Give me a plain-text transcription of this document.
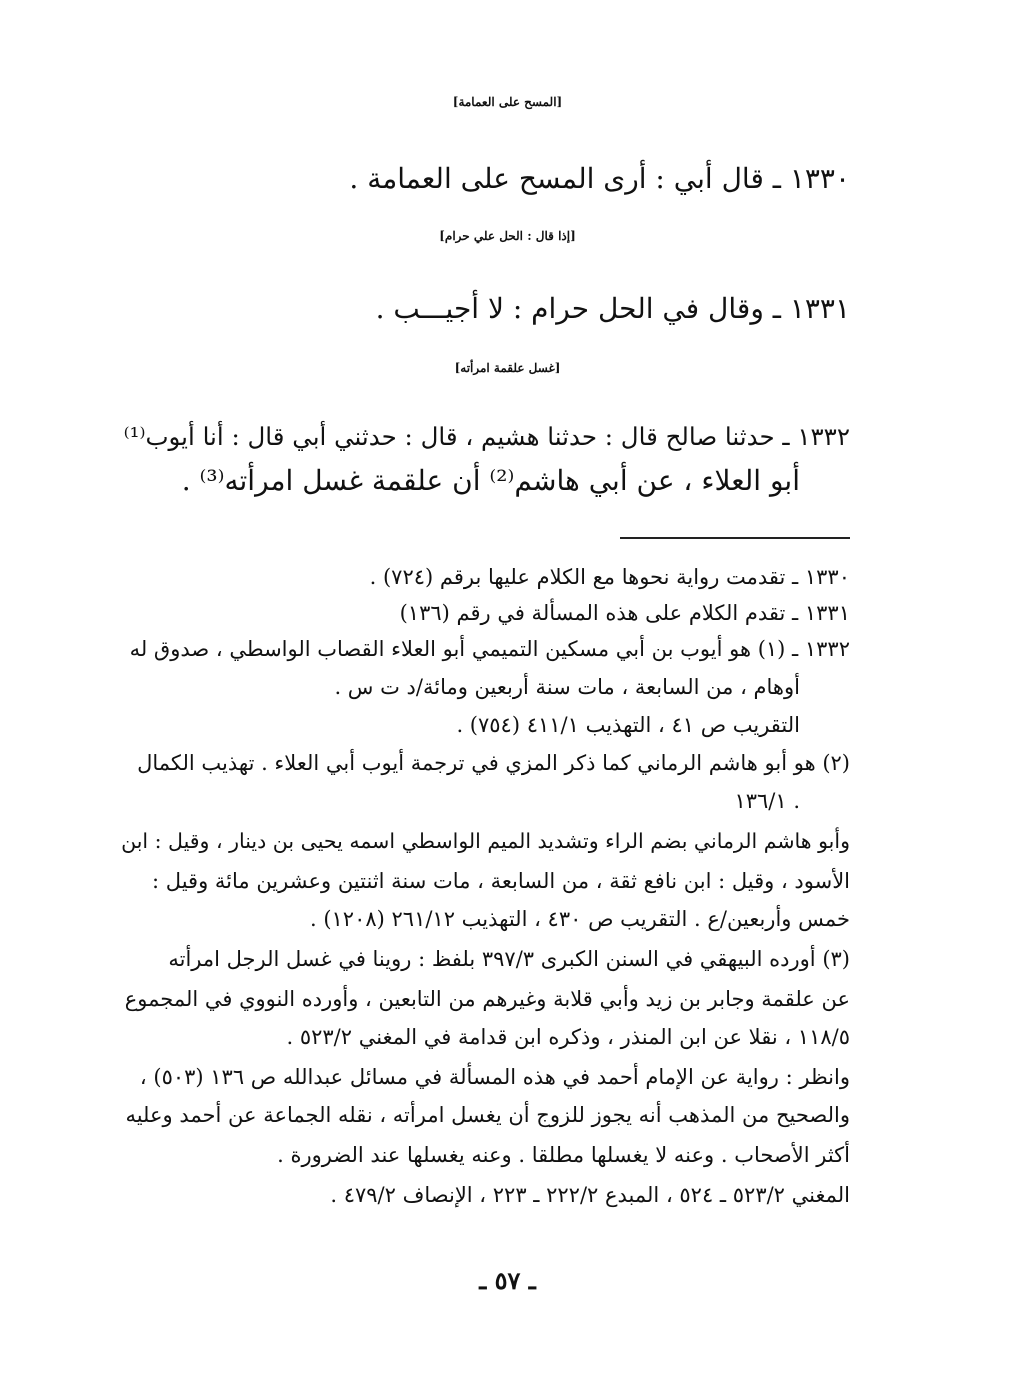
[المسح على العمامة]
١٣٣٠ ـ قال أبي : أرى المسح على العمامة .
[إذا قال : الحل علي حرام]
١٣٣١ ـ وقال في الحل حرام : لا أجيـــب .
[غسل علقمة امرأته]
١٣٣٢ ـ حدثنا صالح قال : حدثنا هشيم ، قال : حدثني أبي قال : أنا أيوب⁽¹⁾
أبو العلاء ، عن أبي هاشم⁽²⁾ أن علقمة غسل امرأته⁽³⁾ .
١٣٣٠ ـ تقدمت رواية نحوها مع الكلام عليها برقم (٧٢٤) .
١٣٣١ ـ تقدم الكلام على هذه المسألة في رقم (١٣٦)
١٣٣٢ ـ (١) هو أيوب بن أبي مسكين التميمي أبو العلاء القصاب الواسطي ، صدوق له
أوهام ، من السابعة ، مات سنة أربعين ومائة/د ت س .
التقريب ص ٤١ ، التهذيب ٤١١/١ (٧٥٤) .
(٢) هو أبو هاشم الرماني كما ذكر المزي في ترجمة أيوب أبي العلاء . تهذيب الكمال
. ١٣٦/١
وأبو هاشم الرماني بضم الراء وتشديد الميم الواسطي اسمه يحيى بن دينار ، وقيل : ابن
الأسود ، وقيل : ابن نافع ثقة ، من السابعة ، مات سنة اثنتين وعشرين مائة وقيل :
خمس وأربعين/ع . التقريب ص ٤٣٠ ، التهذيب ٢٦١/١٢ (١٢٠٨) .
(٣) أورده البيهقي في السنن الكبرى ٣٩٧/٣ بلفظ : روينا في غسل الرجل امرأته
عن علقمة وجابر بن زيد وأبي قلابة وغيرهم من التابعين ، وأورده النووي في المجموع
١١٨/٥ ، نقلا عن ابن المنذر ، وذكره ابن قدامة في المغني ٥٢٣/٢ .
وانظر : رواية عن الإمام أحمد في هذه المسألة في مسائل عبدالله ص ١٣٦ (٥٠٣) ،
والصحيح من المذهب أنه يجوز للزوج أن يغسل امرأته ، نقله الجماعة عن أحمد وعليه
أكثر الأصحاب . وعنه لا يغسلها مطلقا . وعنه يغسلها عند الضرورة .
المغني ٥٢٣/٢ ـ ٥٢٤ ، المبدع ٢٢٢/٢ ـ ٢٢٣ ، الإنصاف ٤٧٩/٢ .
ـ ٥٧ ـ
